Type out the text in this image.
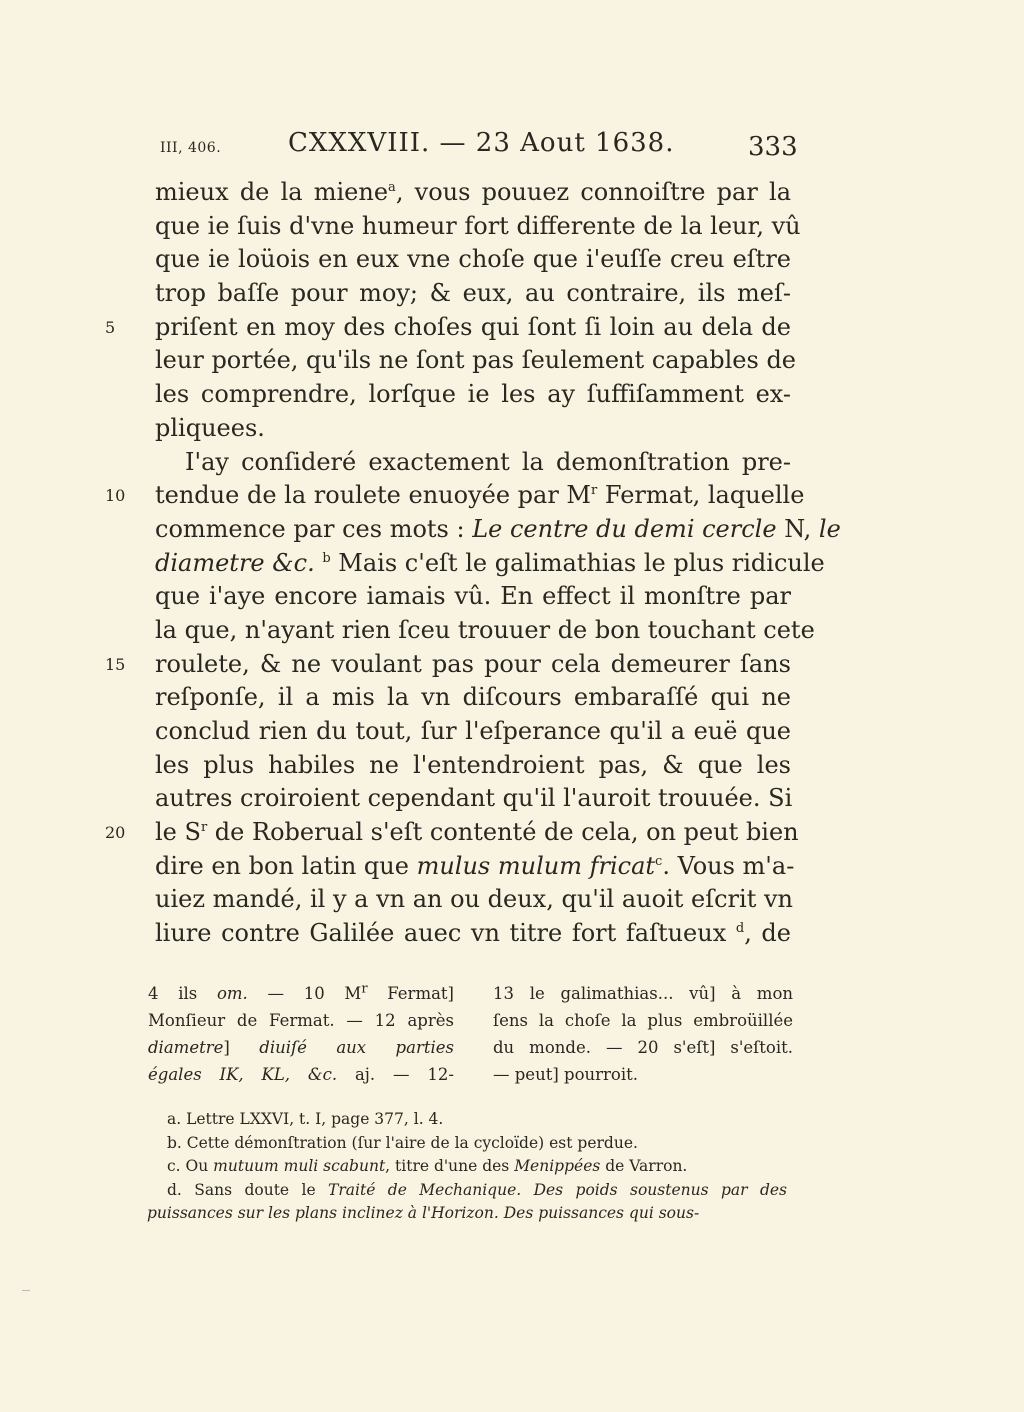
III, 406.	CXXXVIII. — 23 Aout 1638.	333
mieux de la miene$^a$, vous pouuez connoiſtre par la
que ie ſuis d'vne humeur fort differente de la leur, vû
que ie loüois en eux vne choſe que i'euſſe creu eſtre
trop baſſe pour moy; & eux, au contraire, ils meſ-
5	priſent en moy des choſes qui ſont ſi loin au dela de
leur portée, qu'ils ne ſont pas ſeulement capables de
les comprendre, lorſque ie les ay ſuffiſamment ex-
pliquees.
I'ay conſideré exactement la demonſtration pre-
10 tendue de la roulete enuoyée par $M^r$ Fermat, laquelle
commence par ces mots : Le centre du demi cercle N, le
diametre &c. $^b$ Mais c'eſt le galimathias le plus ridicule
que i'aye encore iamais vû. En effect il monſtre par
la que, n'ayant rien ſceu trouuer de bon touchant cete
15 roulete, & ne voulant pas pour cela demeurer ſans
reſponſe, il a mis la vn diſcours embaraſſé qui ne
conclud rien du tout, ſur l'eſperance qu'il a euë que
les plus habiles ne l'entendroient pas, & que les
autres croiroient cependant qu'il l'auroit trouuée. Si
20 le $S^r$ de Roberual s'eſt contenté de cela, on peut bien
dire en bon latin que mulus mulum fricat$^c$. Vous m'a-
uiez mandé, il y a vn an ou deux, qu'il auoit eſcrit vn
liure contre Galilée auec vn titre fort faſtueux $^d$, de
4 ils om. — 10 $M^r$ Fermat]
Monſieur de Fermat. — 12 après
diametre] diuiſé aux parties
égales IK, KL, &c. aj. — 12-
13 le galimathias... vû] à mon
ſens la choſe la plus embroüillée
du monde. — 20 s'eſt] s'eſtoit.
— peut] pourroit.
a. Lettre LXXVI, t. I, page 377, l. 4.
b. Cette démonſtration (ſur l'aire de la cycloïde) est perdue.
c. Ou mutuum muli scabunt, titre d'une des Menippées de Varron.
d. Sans doute le Traité de Mechanique. Des poids soustenus par des
puissances sur les plans inclinez à l'Horizon. Des puissances qui sous-
